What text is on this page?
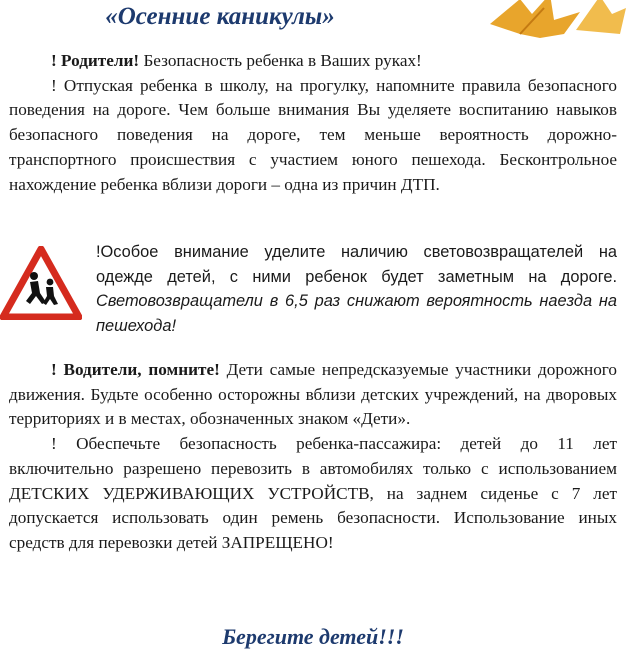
«Осенние каникулы»

! Родители! Безопасность ребенка в Ваших руках!
! Отпуская ребенка в школу, на прогулку, напомните правила безопасного поведения на дороге. Чем больше внимания Вы уделяете воспитанию навыков безопасного поведения на дороге, тем меньше вероятность дорожно-транспортного происшествия с участием юного пешехода. Бесконтрольное нахождение ребенка вблизи дороги – одна из причин ДТП.

!Особое внимание уделите наличию световозвращателей на одежде детей, с ними ребенок будет заметным на дороге. Световозвращатели в 6,5 раз снижают вероятность наезда на пешехода!

! Водители, помните! Дети самые непредсказуемые участники дорожного движения. Будьте особенно осторожны вблизи детских учреждений, на дворовых территориях и в местах, обозначенных знаком «Дети».
! Обеспечьте безопасность ребенка-пассажира: детей до 11 лет включительно разрешено перевозить в автомобилях только с использованием ДЕТСКИХ УДЕРЖИВАЮЩИХ УСТРОЙСТВ, на заднем сиденье с 7 лет допускается использовать один ремень безопасности. Использование иных средств для перевозки детей ЗАПРЕЩЕНО!

Берегите детей!!!
